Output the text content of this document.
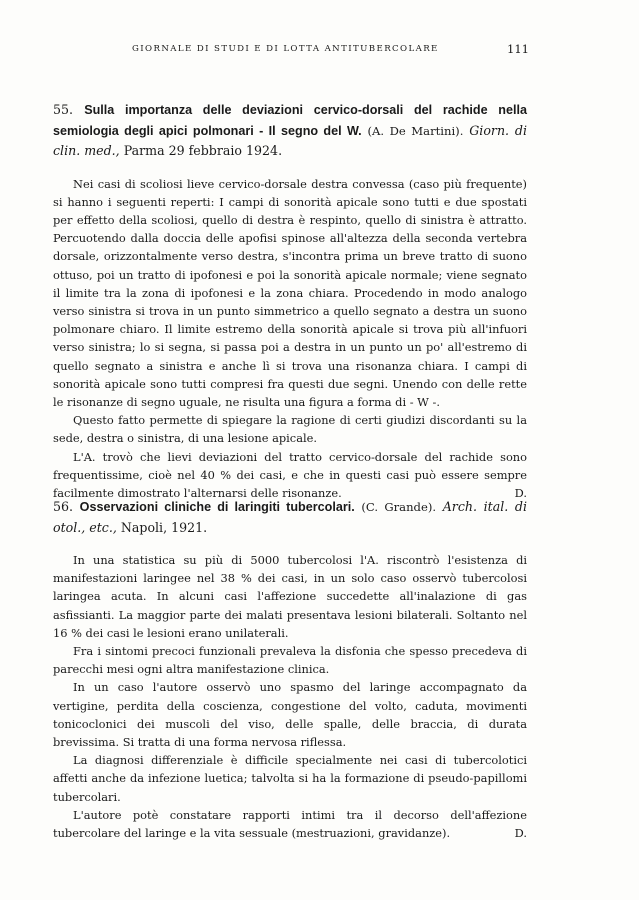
GIORNALE DI STUDI E DI LOTTA ANTITUBERCOLARE	111
55. Sulla importanza delle deviazioni cervico-dorsali del rachide nella semiologia degli apici polmonari - Il segno del W. (A. De Martini). Giorn. di clin. med., Parma 29 febbraio 1924.

Nei casi di scoliosi lieve cervico-dorsale destra convessa (caso più frequente) si hanno i seguenti reperti: I campi di sonorità apicale sono tutti e due spostati per effetto della scoliosi, quello di destra è respinto, quello di sinistra è attratto. Percuotendo dalla doccia delle apofisi spinose all'altezza della seconda vertebra dorsale, orizzontalmente verso destra, s'incontra prima un breve tratto di suono ottuso, poi un tratto di ipofonesi e poi la sonorità apicale normale; viene segnato il limite tra la zona di ipofonesi e la zona chiara. Procedendo in modo analogo verso sinistra si trova in un punto simmetrico a quello segnato a destra un suono polmonare chiaro. Il limite estremo della sonorità apicale si trova più all'infuori verso sinistra; lo si segna, si passa poi a destra in un punto un po' all'estremo di quello segnato a sinistra e anche lì si trova una risonanza chiara. I campi di sonorità apicale sono tutti compresi fra questi due segni. Unendo con delle rette le risonanze di segno uguale, ne risulta una figura a forma di - W -.

Questo fatto permette di spiegare la ragione di certi giudizi discordanti su la sede, destra o sinistra, di una lesione apicale.

L'A. trovò che lievi deviazioni del tratto cervico-dorsale del rachide sono frequentissime, cioè nel 40 % dei casi, e che in questi casi può essere sempre facilmente dimostrato l'alternarsi delle risonanze.	D.

56. Osservazioni cliniche di laringiti tubercolari. (C. Grande). Arch. ital. di otol., etc., Napoli, 1921.

In una statistica su più di 5000 tubercolosi l'A. riscontrò l'esistenza di manifestazioni laringee nel 38 % dei casi, in un solo caso osservò tubercolosi laringea acuta. In alcuni casi l'affezione succedette all'inalazione di gas asfissianti. La maggior parte dei malati presentava lesioni bilaterali. Soltanto nel 16 % dei casi le lesioni erano unilaterali.

Fra i sintomi precoci funzionali prevaleva la disfonia che spesso precedeva di parecchi mesi ogni altra manifestazione clinica.

In un caso l'autore osservò uno spasmo del laringe accompagnato da vertigine, perdita della coscienza, congestione del volto, caduta, movimenti tonicoclonici dei muscoli del viso, delle spalle, delle braccia, di durata brevissima. Si tratta di una forma nervosa riflessa.

La diagnosi differenziale è difficile specialmente nei casi di tubercolotici affetti anche da infezione luetica; talvolta si ha la formazione di pseudo-papillomi tubercolari.

L'autore potè constatare rapporti intimi tra il decorso dell'affezione tubercolare del laringe e la vita sessuale (mestruazioni, gravidanze).	D.
